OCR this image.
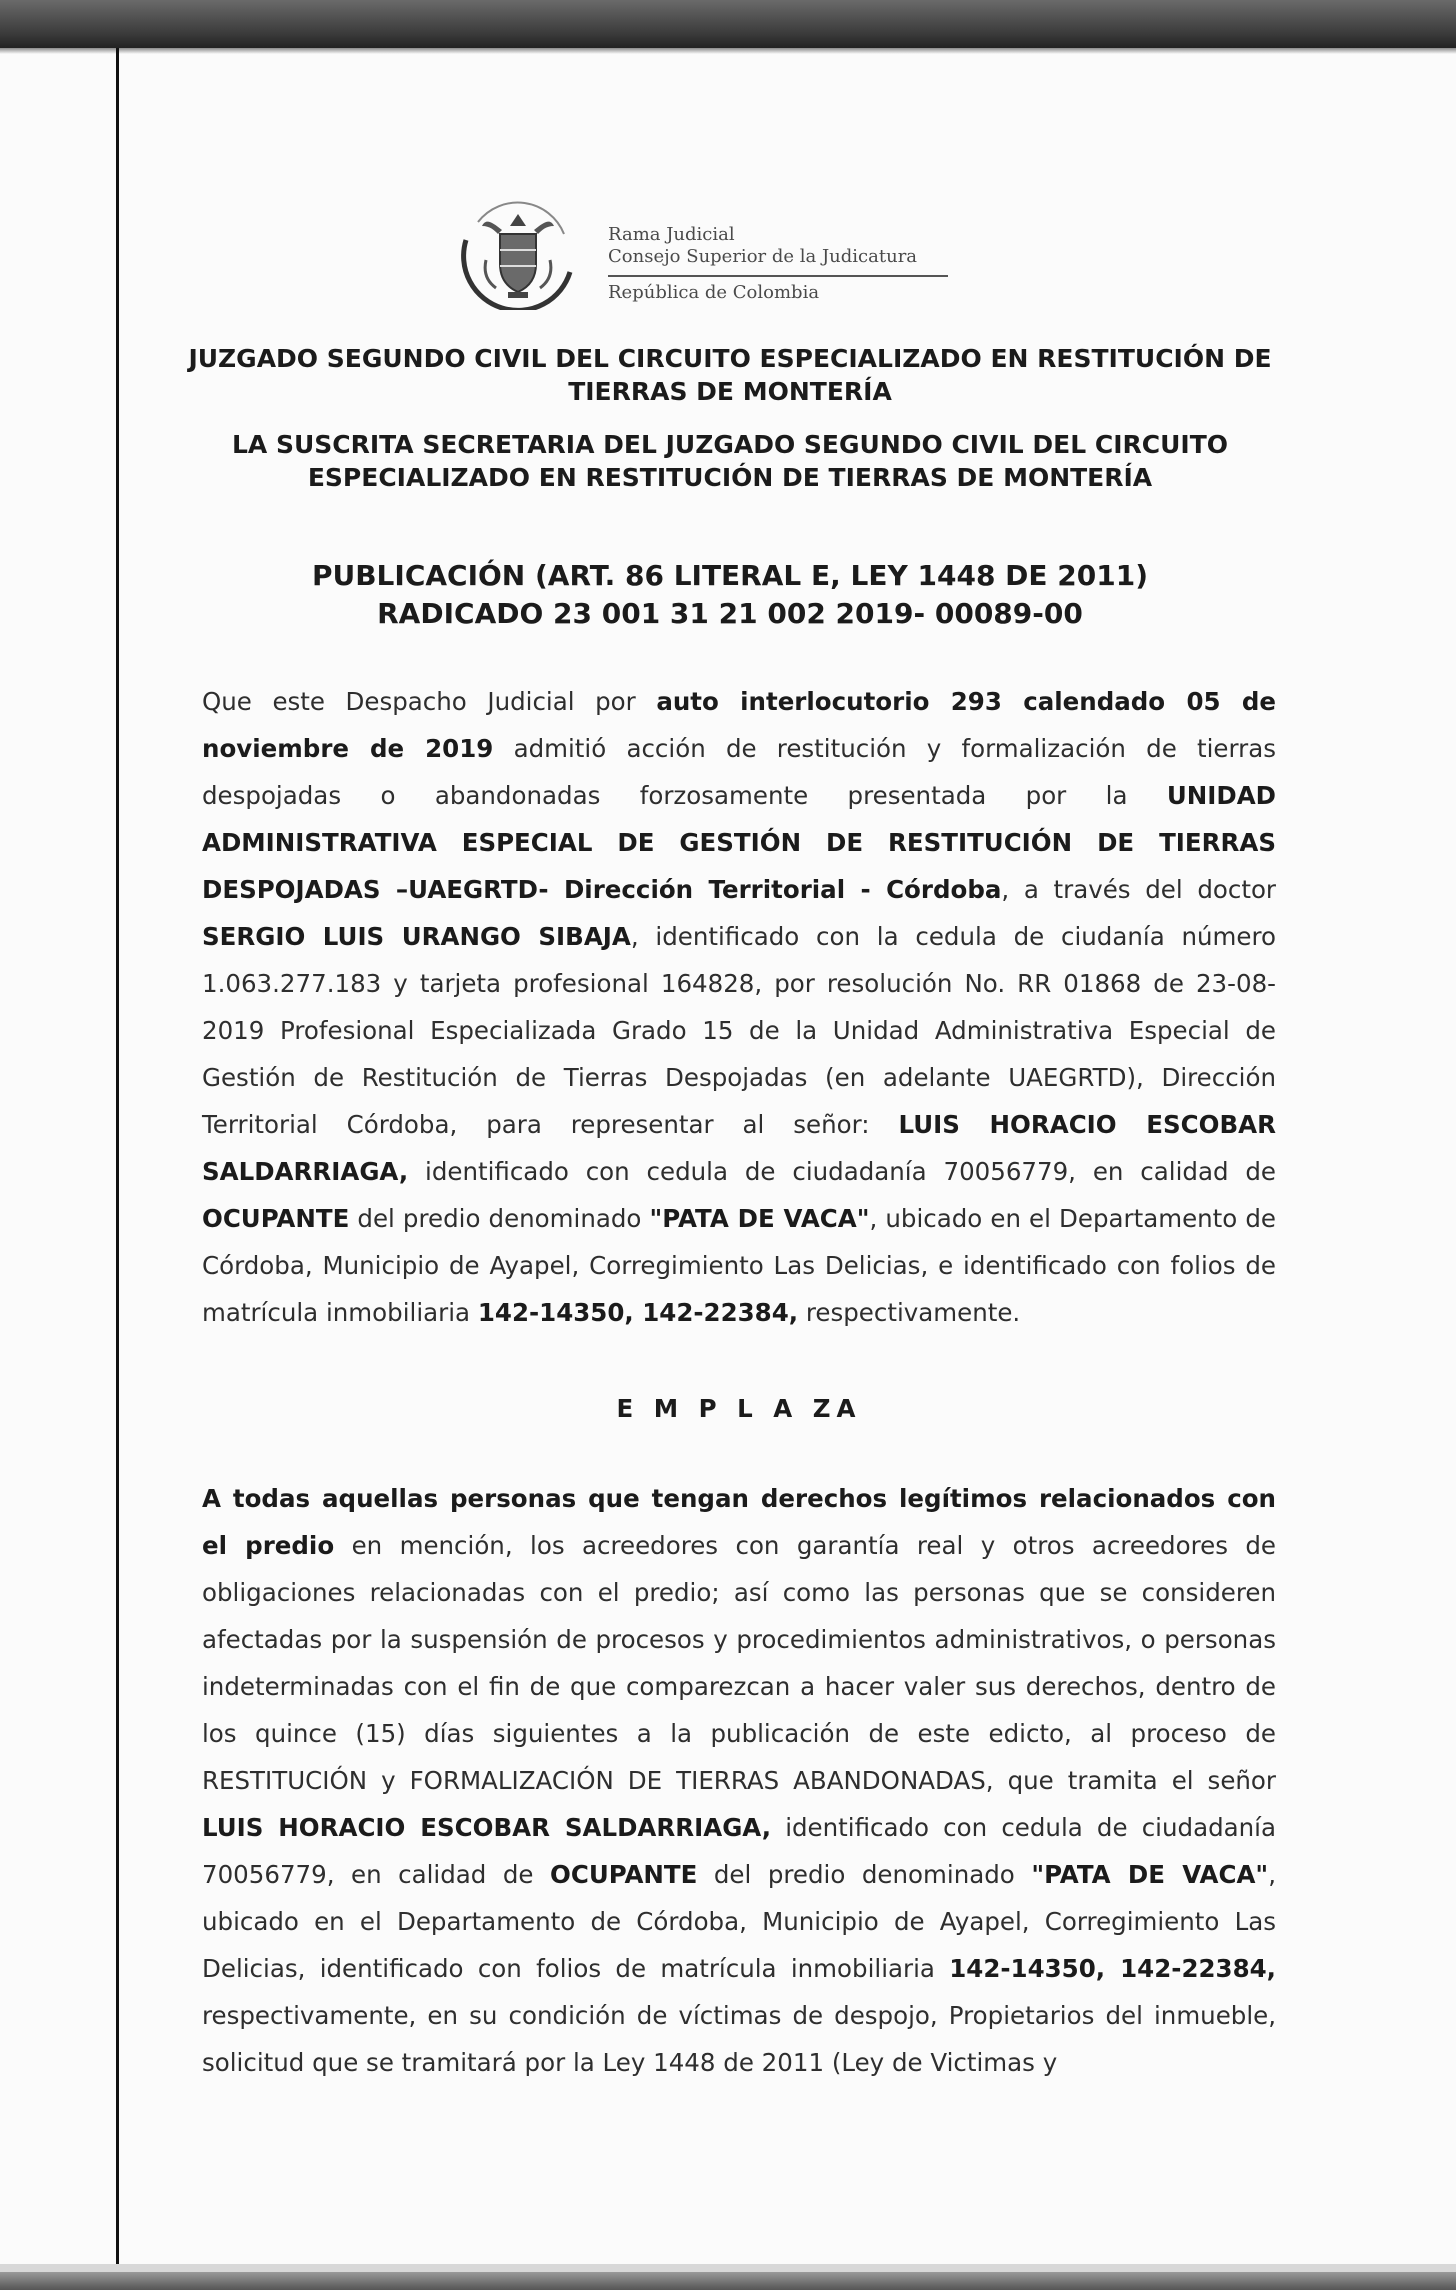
Rama Judicial
Consejo Superior de la Judicatura
República de Colombia
JUZGADO SEGUNDO CIVIL DEL CIRCUITO ESPECIALIZADO EN RESTITUCIÓN DE TIERRAS DE MONTERÍA
LA SUSCRITA SECRETARIA DEL JUZGADO SEGUNDO CIVIL DEL CIRCUITO ESPECIALIZADO EN RESTITUCIÓN DE TIERRAS DE MONTERÍA
PUBLICACIÓN (ART. 86 LITERAL E, LEY 1448 DE 2011)
RADICADO 23 001 31 21 002 2019- 00089-00
Que este Despacho Judicial por auto interlocutorio 293 calendado 05 de noviembre de 2019 admitió acción de restitución y formalización de tierras despojadas o abandonadas forzosamente presentada por la UNIDAD ADMINISTRATIVA ESPECIAL DE GESTIÓN DE RESTITUCIÓN DE TIERRAS DESPOJADAS –UAEGRTD- Dirección Territorial - Córdoba, a través del doctor SERGIO LUIS URANGO SIBAJA, identificado con la cedula de ciudanía número 1.063.277.183 y tarjeta profesional 164828, por resolución No. RR 01868 de 23-08-2019 Profesional Especializada Grado 15 de la Unidad Administrativa Especial de Gestión de Restitución de Tierras Despojadas (en adelante UAEGRTD), Dirección Territorial Córdoba, para representar al señor: LUIS HORACIO ESCOBAR SALDARRIAGA, identificado con cedula de ciudadanía 70056779, en calidad de OCUPANTE del predio denominado "PATA DE VACA", ubicado en el Departamento de Córdoba, Municipio de Ayapel, Corregimiento Las Delicias, e identificado con folios de matrícula inmobiliaria 142-14350, 142-22384, respectivamente.
E M P L A ZA
A todas aquellas personas que tengan derechos legítimos relacionados con el predio en mención, los acreedores con garantía real y otros acreedores de obligaciones relacionadas con el predio; así como las personas que se consideren afectadas por la suspensión de procesos y procedimientos administrativos, o personas indeterminadas con el fin de que comparezcan a hacer valer sus derechos, dentro de los quince (15) días siguientes a la publicación de este edicto, al proceso de RESTITUCIÓN y FORMALIZACIÓN DE TIERRAS ABANDONADAS, que tramita el señor LUIS HORACIO ESCOBAR SALDARRIAGA, identificado con cedula de ciudadanía 70056779, en calidad de OCUPANTE del predio denominado "PATA DE VACA", ubicado en el Departamento de Córdoba, Municipio de Ayapel, Corregimiento Las Delicias, identificado con folios de matrícula inmobiliaria 142-14350, 142-22384, respectivamente, en su condición de víctimas de despojo, Propietarios del inmueble, solicitud que se tramitará por la Ley 1448 de 2011 (Ley de Victimas y
